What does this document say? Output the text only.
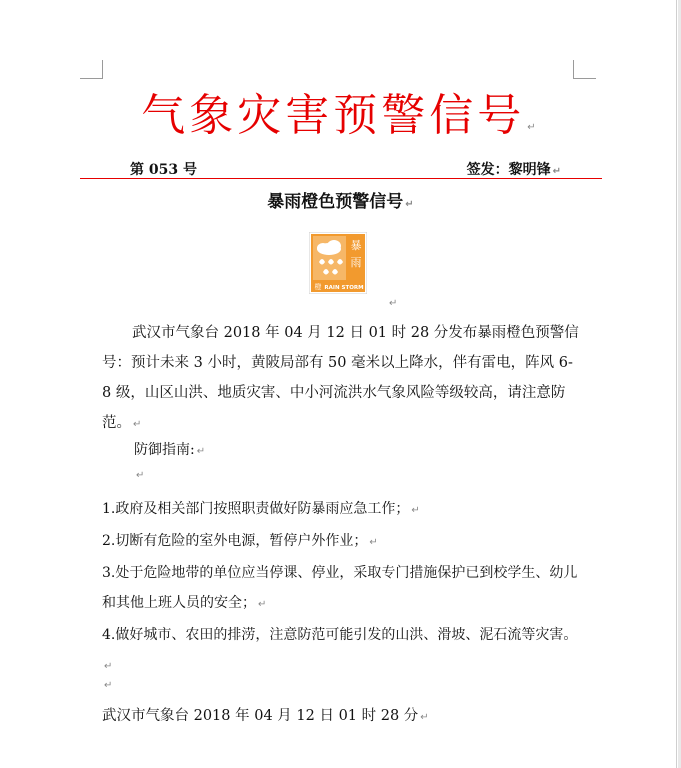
气象灾害预警信号 ↵
第 053 号	签发：黎明锋 ↵
暴雨橙色预警信号 ↵
暴
雨
橙 RAIN STORM
↵

武汉市气象台 2018 年 04 月 12 日 01 时 28 分发布暴雨橙色预警信号：预计未来 3 小时，黄陂局部有 50 毫米以上降水，伴有雷电，阵风 6-8 级，山区山洪、地质灾害、中小河流洪水气象风险等级较高，请注意防范。 ↵

防御指南: ↵
↵
1.政府及相关部门按照职责做好防暴雨应急工作； ↵
2.切断有危险的室外电源，暂停户外作业； ↵
3.处于危险地带的单位应当停课、停业，采取专门措施保护已到校学生、幼儿和其他上班人员的安全； ↵
4.做好城市、农田的排涝，注意防范可能引发的山洪、滑坡、泥石流等灾害。↵
↵
武汉市气象台 2018 年 04 月 12 日 01 时 28 分 ↵
